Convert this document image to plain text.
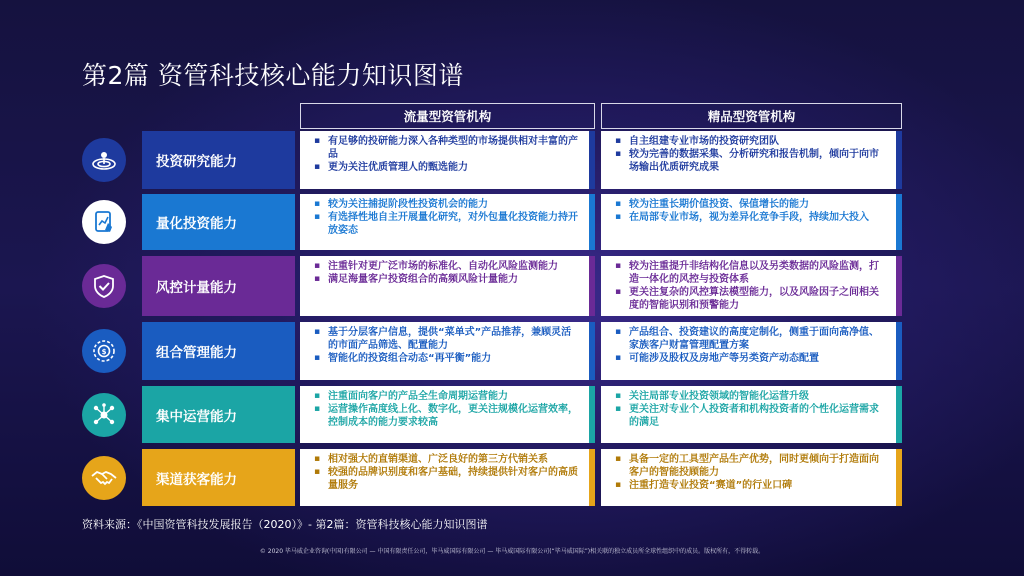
第2篇 资管科技核心能力知识图谱
流量型资管机构	精品型资管机构
投资研究能力
▪ 有足够的投研能力深入各种类型的市场提供相对丰富的产品
▪ 更为关注优质管理人的甄选能力
▪ 自主组建专业市场的投资研究团队
▪ 较为完善的数据采集、分析研究和报告机制，倾向于向市场输出优质研究成果
量化投资能力
▪ 较为关注捕捉阶段性投资机会的能力
▪ 有选择性地自主开展量化研究，对外包量化投资能力持开放姿态
▪ 较为注重长期价值投资、保值增长的能力
▪ 在局部专业市场，视为差异化竞争手段，持续加大投入
风控计量能力
▪ 注重针对更广泛市场的标准化、自动化风险监测能力
▪ 满足海量客户投资组合的高频风险计量能力
▪ 较为注重提升非结构化信息以及另类数据的风险监测，打造一体化的风控与投资体系
▪ 更关注复杂的风控算法模型能力，以及风险因子之间相关度的智能识别和预警能力
$	组合管理能力
▪ 基于分层客户信息，提供“菜单式”产品推荐，兼顾灵活的市面产品筛选、配置能力
▪ 智能化的投资组合动态“再平衡”能力
▪ 产品组合、投资建议的高度定制化，侧重于面向高净值、家族客户财富管理配置方案
▪ 可能涉及股权及房地产等另类资产动态配置
集中运营能力
▪ 注重面向客户的产品全生命周期运营能力
▪ 运营操作高度线上化、数字化，更关注规模化运营效率，控制成本的能力要求较高
▪ 关注局部专业投资领域的智能化运营升级
▪ 更关注对专业个人投资者和机构投资者的个性化运营需求的满足
渠道获客能力
▪ 相对强大的直销渠道、广泛良好的第三方代销关系
▪ 较强的品牌识别度和客户基础，持续提供针对客户的高质量服务
▪ 具备一定的工具型产品生产优势，同时更倾向于打造面向客户的智能投顾能力
▪ 注重打造专业投资“赛道”的行业口碑
资料来源：《中国资管科技发展报告（2020）》- 第2篇：资管科技核心能力知识图谱
© 2020 毕马威企业咨询(中国)有限公司 — 中国有限责任公司，毕马威国际有限公司 — 毕马威国际有限公司(“毕马威国际”)相关联的独立成员所全球性组织中的成员。版权所有，不得转载。
